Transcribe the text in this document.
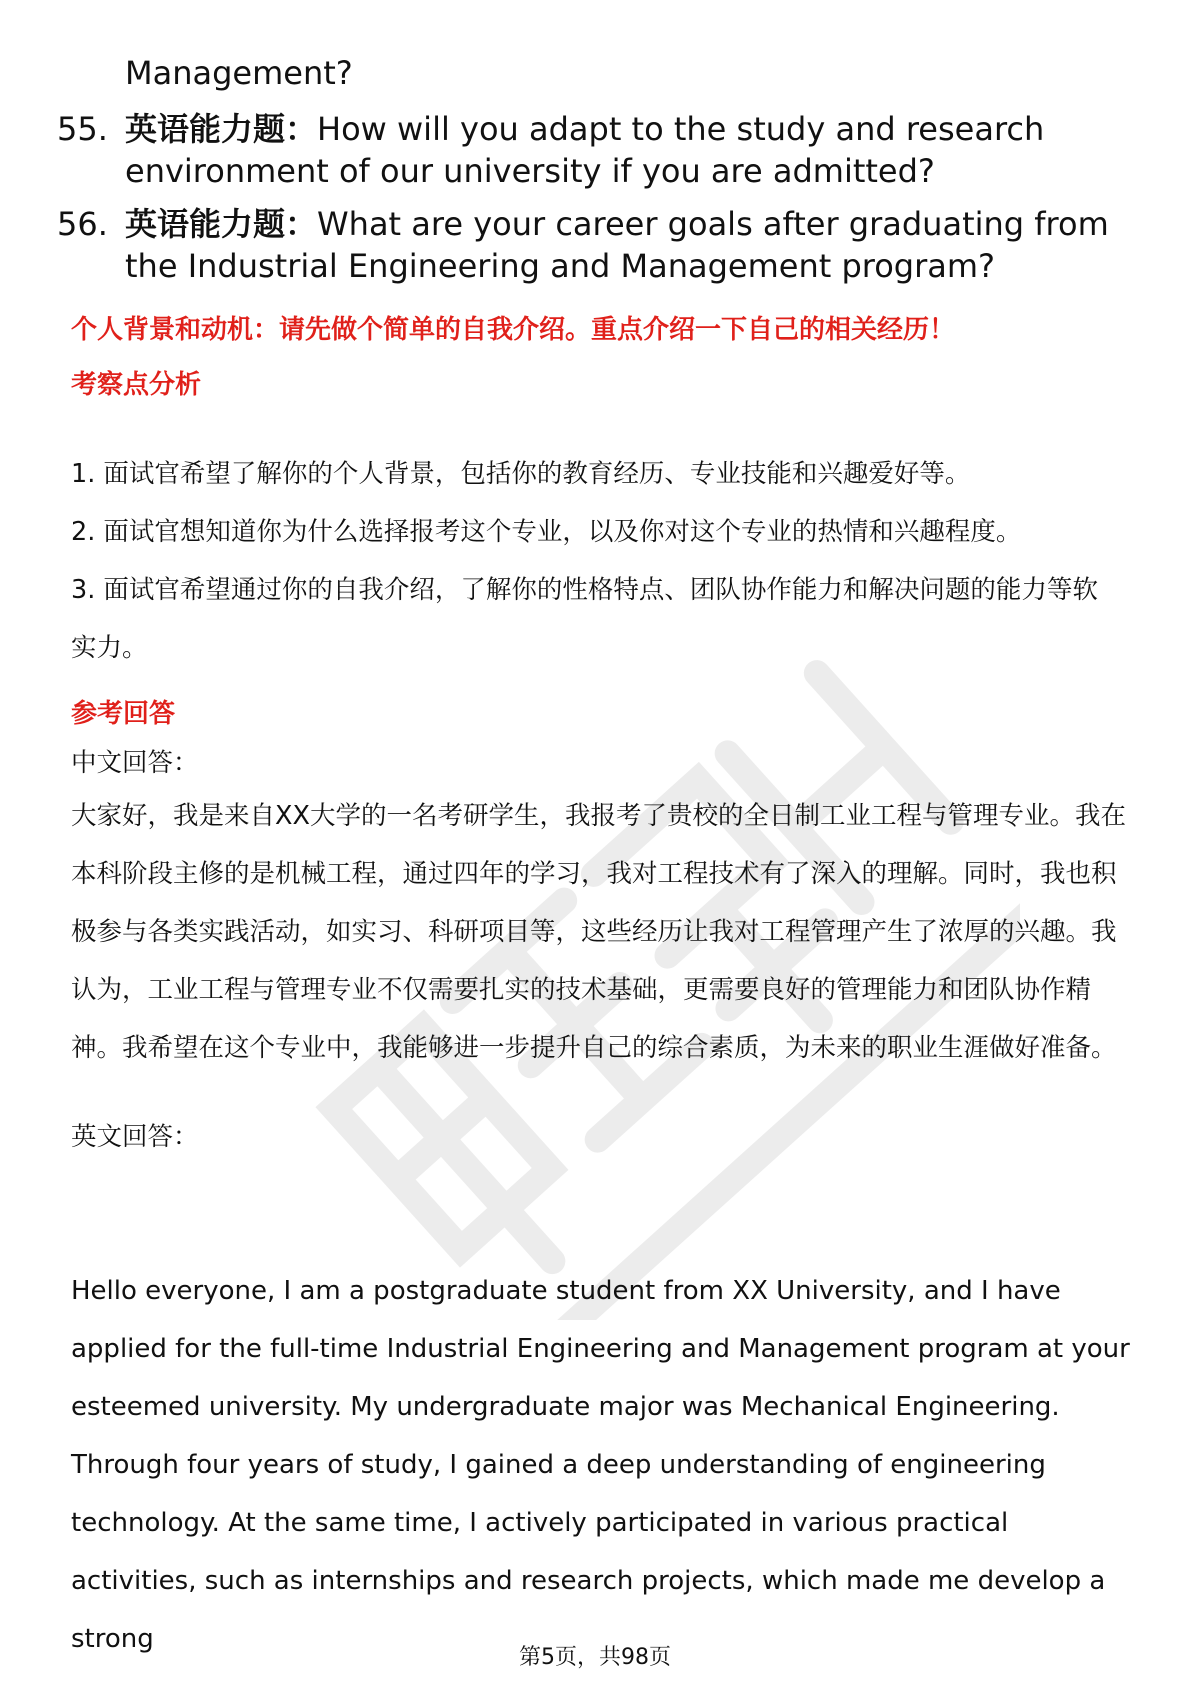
Management?

55. 英语能力题：How will you adapt to the study and research environment of our university if you are admitted?
56. 英语能力题：What are your career goals after graduating from the Industrial Engineering and Management program?
个人背景和动机：请先做个简单的自我介绍。重点介绍一下自己的相关经历！
考察点分析
1. 面试官希望了解你的个人背景，包括你的教育经历、专业技能和兴趣爱好等。
2. 面试官想知道你为什么选择报考这个专业，以及你对这个专业的热情和兴趣程度。
3. 面试官希望通过你的自我介绍，了解你的性格特点、团队协作能力和解决问题的能力等软实力。
参考回答
中文回答：
大家好，我是来自XX大学的一名考研学生，我报考了贵校的全日制工业工程与管理专业。我在本科阶段主修的是机械工程，通过四年的学习，我对工程技术有了深入的理解。同时，我也积极参与各类实践活动，如实习、科研项目等，这些经历让我对工程管理产生了浓厚的兴趣。我认为，工业工程与管理专业不仅需要扎实的技术基础，更需要良好的管理能力和团队协作精神。我希望在这个专业中，我能够进一步提升自己的综合素质，为未来的职业生涯做好准备。
英文回答：
Hello everyone, I am a postgraduate student from XX University, and I have applied for the full-time Industrial Engineering and Management program at your esteemed university. My undergraduate major was Mechanical Engineering. Through four years of study, I gained a deep understanding of engineering technology. At the same time, I actively participated in various practical activities, such as internships and research projects, which made me develop a strong
第5页，共98页
